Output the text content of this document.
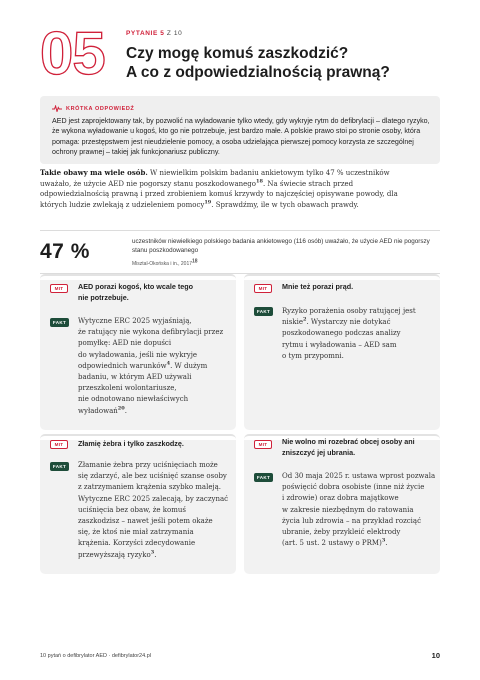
05	PYTANIE 5 Z 10
Czy mogę komuś zaszkodzić?
A co z odpowiedzialnością prawną?
KRÓTKA ODPOWIEDŹ
AED jest zaprojektowany tak, by pozwolić na wyładowanie tylko wtedy, gdy wykryje rytm do defibrylacji – dlatego ryzyko, że wykona wyładowanie u kogoś, kto go nie potrzebuje, jest bardzo małe. A polskie prawo stoi po stronie osoby, która pomaga: przestępstwem jest nieudzielenie pomocy, a osoba udzielająca pierwszej pomocy korzysta ze szczególnej ochrony prawnej – takiej jak funkcjonariusz publiczny.
Takie obawy ma wiele osób. W niewielkim polskim badaniu ankietowym tylko 47 % uczestników uważało, że użycie AED nie pogorszy stanu poszkodowanego$^{18}$. Na świecie strach przed odpowiedzialnością prawną i przed zrobieniem komuś krzywdy to najczęściej opisywane powody, dla których ludzie zwlekają z udzieleniem pomocy$^{19}$. Sprawdźmy, ile w tych obawach prawdy.
47 %	uczestników niewielkiego polskiego badania ankietowego (116 osób) uważało, że użycie AED nie pogorszy stanu poszkodowanego
Misztal-Okońska i in., 2017$^{18}$
MIT	AED porazi kogoś, kto wcale tego
nie potrzebuje.
FAKT	Wytyczne ERC 2025 wyjaśniają,
że ratujący nie wykona defibrylacji przez
pomyłkę: AED nie dopuści
do wyładowania, jeśli nie wykryje
odpowiednich warunków$^4$. W dużym
badaniu, w którym AED używali
przeszkoleni wolontariusze,
nie odnotowano niewłaściwych
wyładowań$^{20}$.
MIT	Mnie też porazi prąd.
FAKT	Ryzyko porażenia osoby ratującej jest
niskie$^2$. Wystarczy nie dotykać
poszkodowanego podczas analizy
rytmu i wyładowania – AED sam
o tym przypomni.
MIT	Złamię żebra i tylko zaszkodzę.
FAKT	Złamanie żebra przy uciśnięciach może
się zdarzyć, ale bez uciśnięć szanse osoby
z zatrzymaniem krążenia szybko maleją.
Wytyczne ERC 2025 zalecają, by zaczynać
uciśnięcia bez obaw, że komuś
zaszkodzisz – nawet jeśli potem okaże
się, że ktoś nie miał zatrzymania
krążenia. Korzyści zdecydowanie
przewyższają ryzyko$^3$.
MIT	Nie wolno mi rozebrać obcej osoby ani
zniszczyć jej ubrania.
FAKT	Od 30 maja 2025 r. ustawa wprost pozwala
poświęcić dobra osobiste (inne niż życie
i zdrowie) oraz dobra majątkowe
w zakresie niezbędnym do ratowania
życia lub zdrowia – na przykład rozciąć
ubranie, żeby przykleić elektrody
(art. 5 ust. 2 ustawy o PRM)$^3$.
10 pytań o defibrylator AED · defibrylator24.pl	10
